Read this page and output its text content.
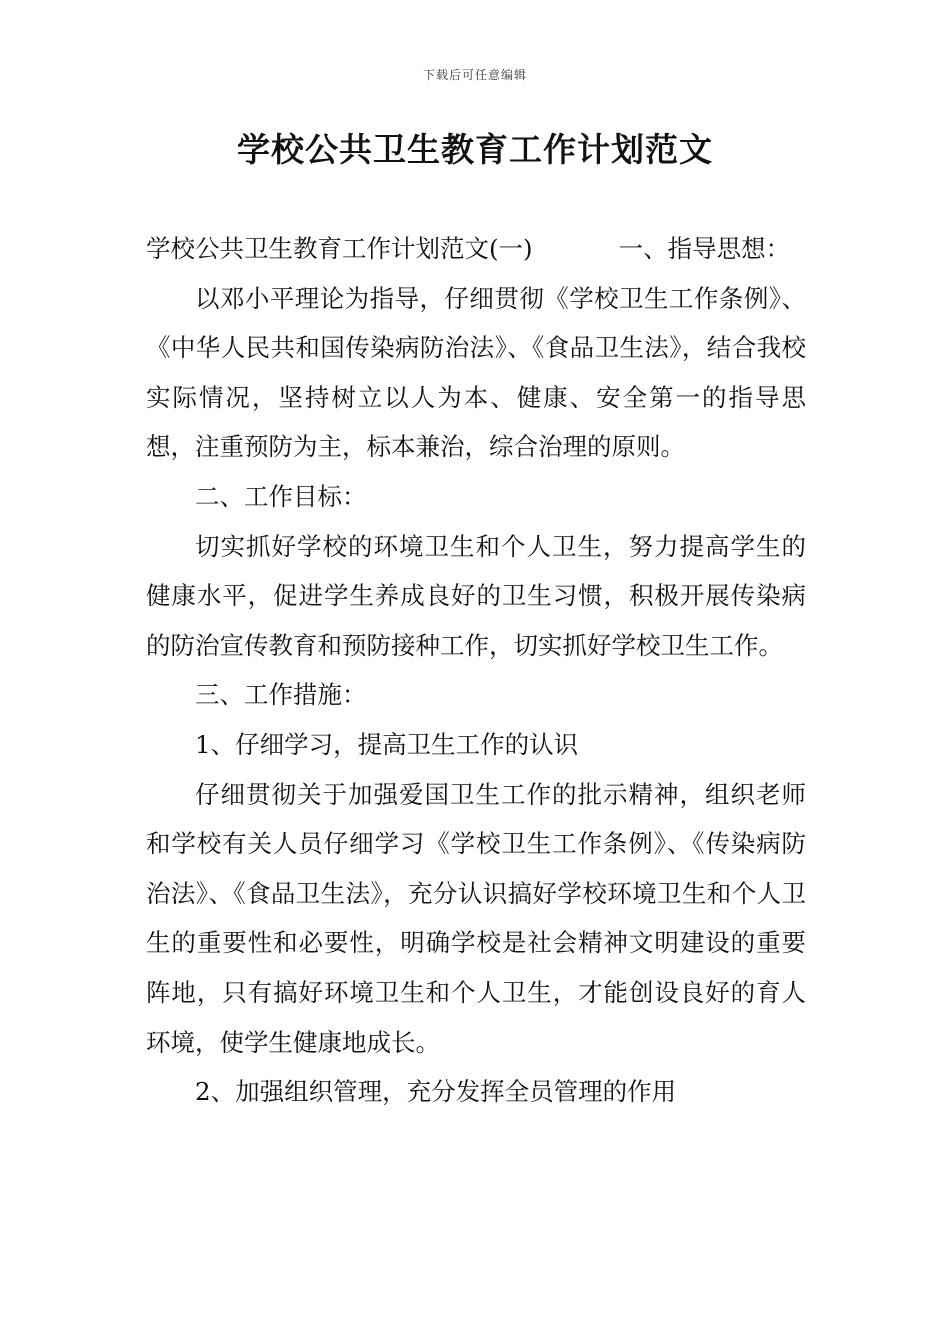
下载后可任意编辑
学校公共卫生教育工作计划范文

学校公共卫生教育工作计划范文(一)	一、指导思想：

以邓小平理论为指导，仔细贯彻《学校卫生工作条例》、《中华人民共和国传染病防治法》、《食品卫生法》，结合我校实际情况，坚持树立以人为本、健康、安全第一的指导思想，注重预防为主，标本兼治，综合治理的原则。

二、工作目标：

切实抓好学校的环境卫生和个人卫生，努力提高学生的健康水平，促进学生养成良好的卫生习惯，积极开展传染病的防治宣传教育和预防接种工作，切实抓好学校卫生工作。

三、工作措施：

1、仔细学习，提高卫生工作的认识

仔细贯彻关于加强爱国卫生工作的批示精神，组织老师和学校有关人员仔细学习《学校卫生工作条例》、《传染病防治法》、《食品卫生法》，充分认识搞好学校环境卫生和个人卫生的重要性和必要性，明确学校是社会精神文明建设的重要阵地，只有搞好环境卫生和个人卫生，才能创设良好的育人环境，使学生健康地成长。

2、加强组织管理，充分发挥全员管理的作用
